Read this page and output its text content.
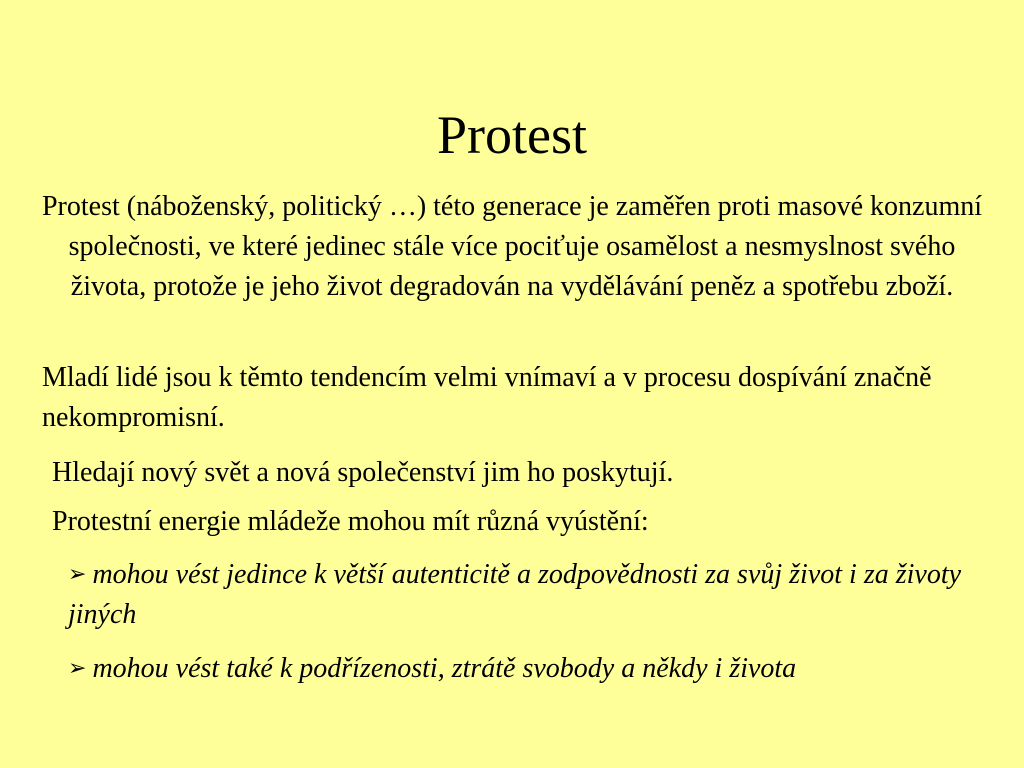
Protest

Protest (náboženský, politický …) této generace je zaměřen proti masové konzumní společnosti, ve které jedinec stále více pociťuje osamělost a nesmyslnost svého života, protože je jeho život degradován na vydělávání peněz a spotřebu zboží.

Mladí lidé jsou k těmto tendencím velmi vnímaví a v procesu dospívání značně nekompromisní.

Hledají nový svět a nová společenství jim ho poskytují.

Protestní energie mládeže mohou mít různá vyústění:

➢ mohou vést jedince k větší autenticitě a zodpovědnosti za svůj život i za životy jiných

➢ mohou vést také k podřízenosti, ztrátě svobody a někdy i života
